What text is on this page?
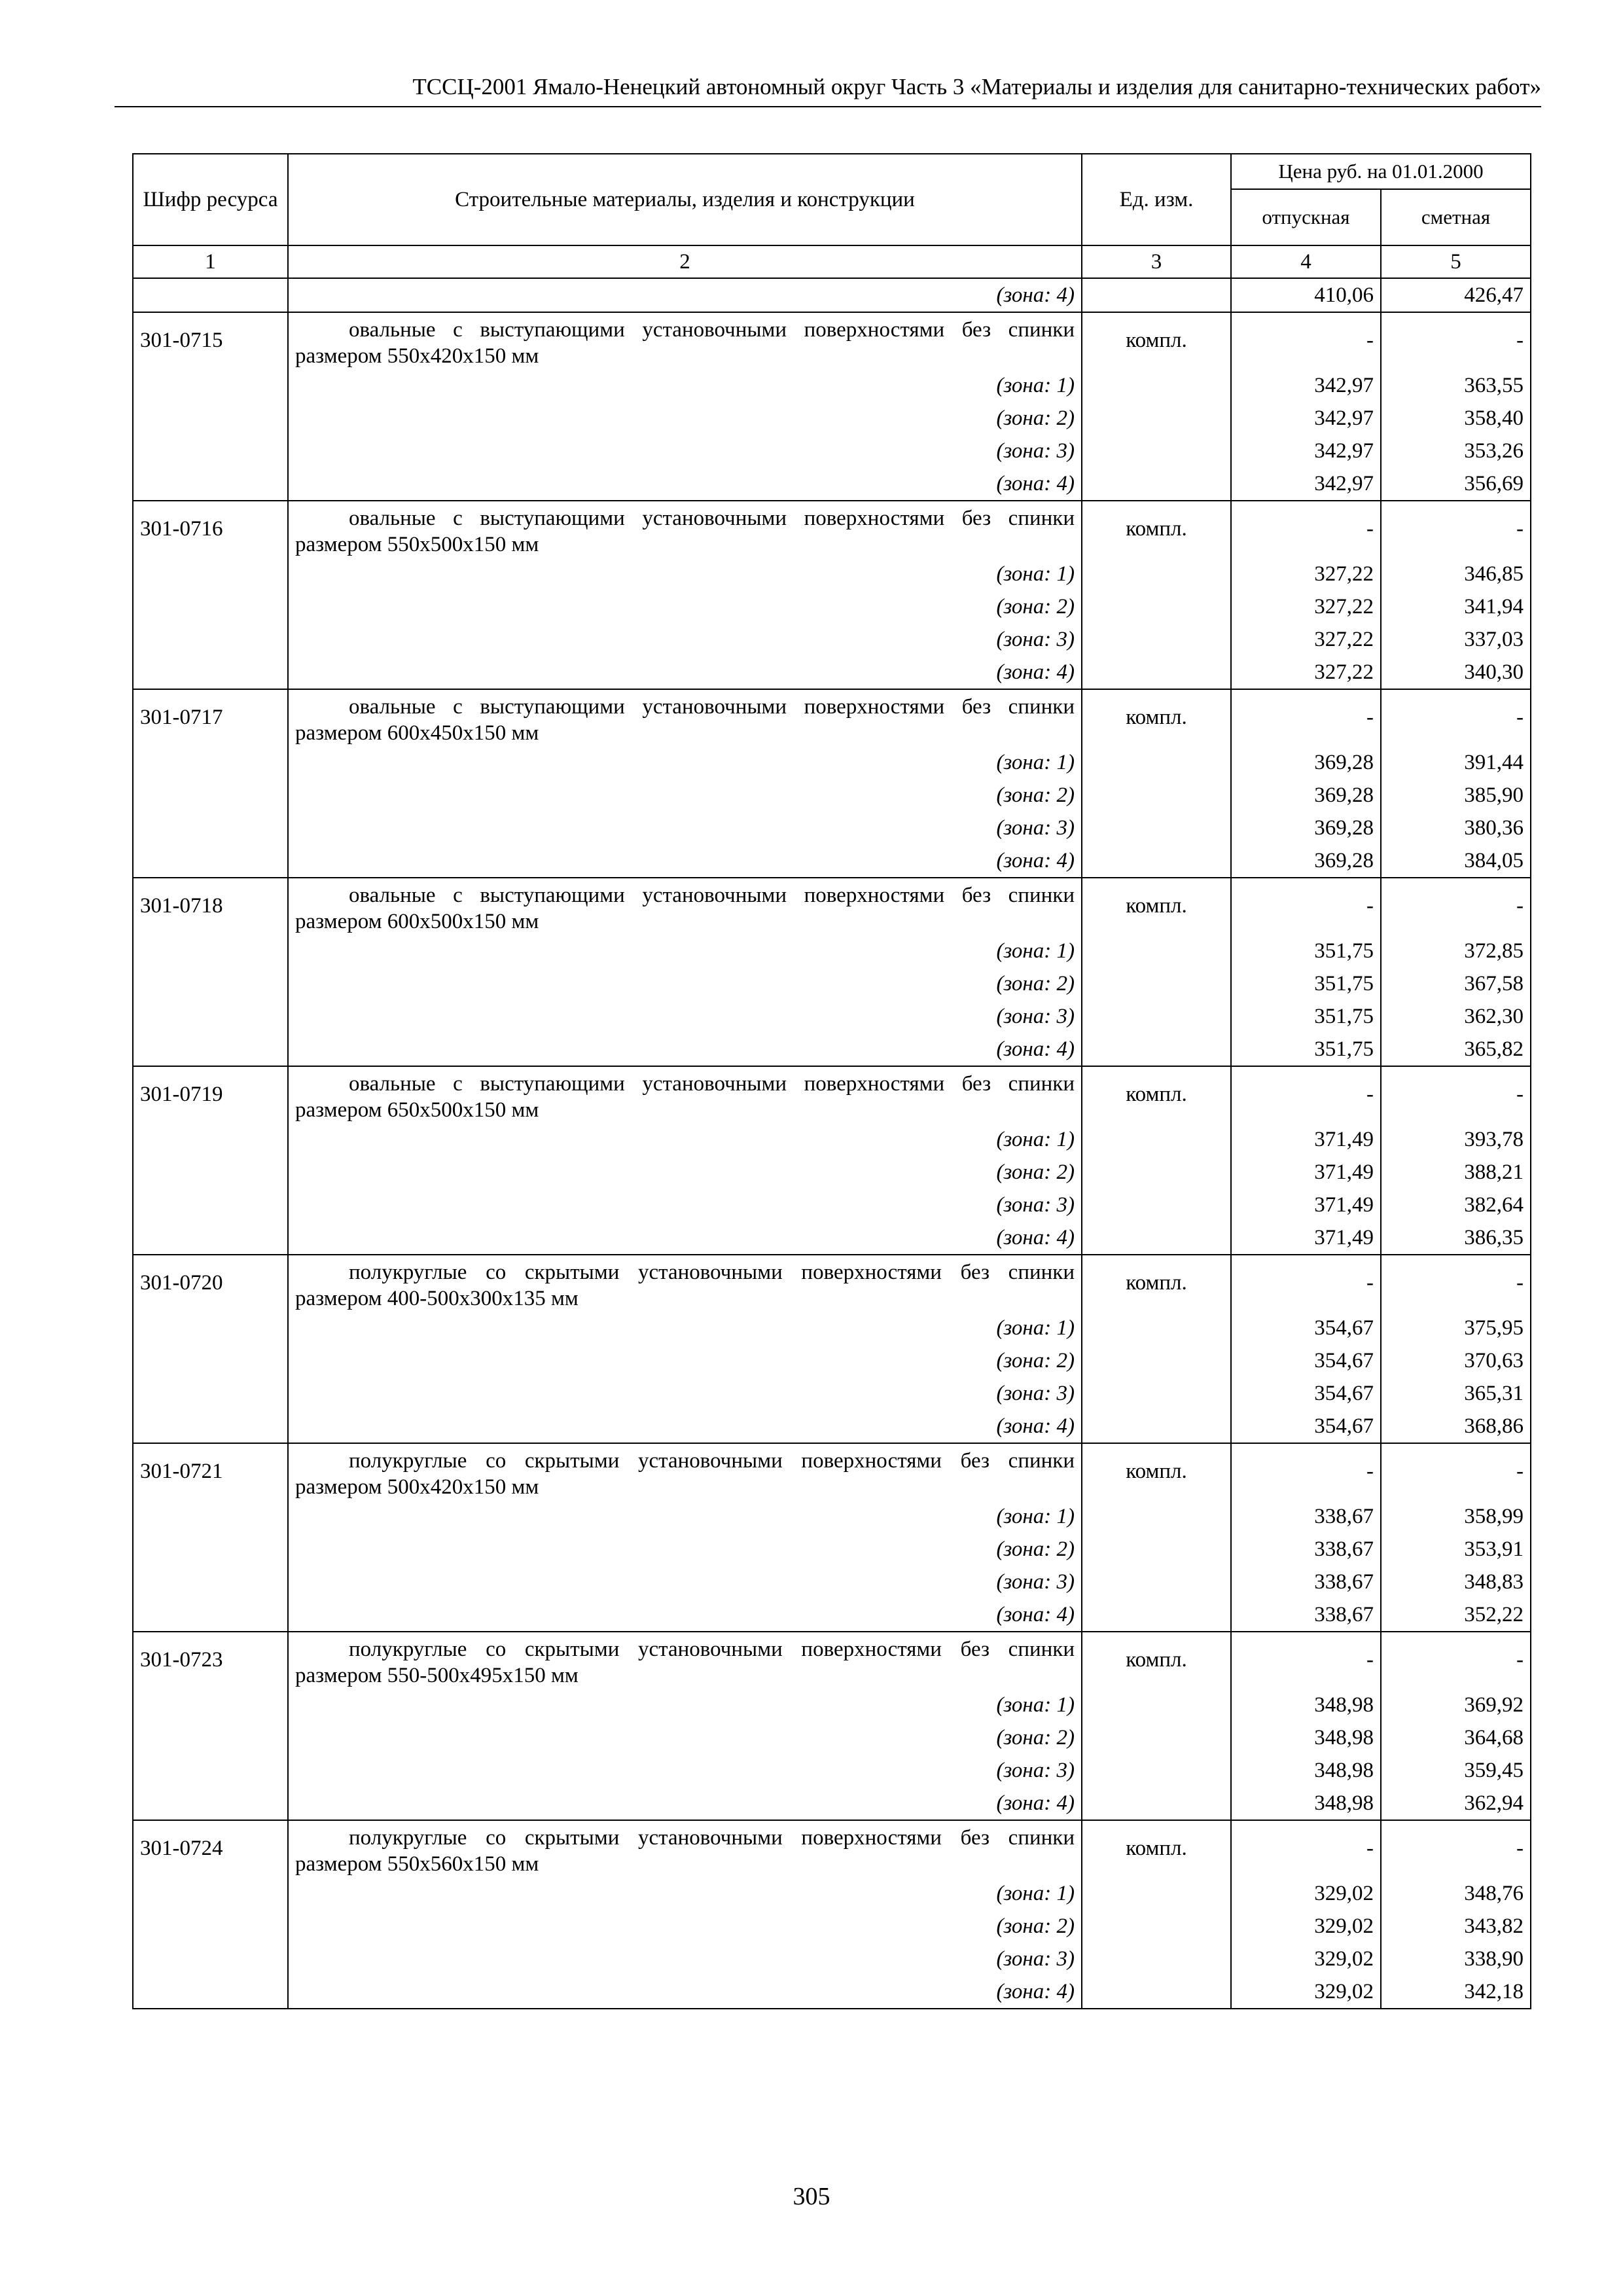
ТССЦ-2001 Ямало-Ненецкий автономный округ Часть 3 «Материалы и изделия для санитарно-технических работ»
Шифр ресурса	Строительные материалы, изделия и конструкции	Ед. изм.	Цена руб. на 01.01.2000	
			отпускная	сметная
1	2	3	4	5
	(зона: 4)		410,06	426,47
301-0715	овальные с выступающими установочными поверхностями без спинки размером 550х420х150 мм	компл.	-	-
	(зона: 1)		342,97	363,55
	(зона: 2)		342,97	358,40
	(зона: 3)		342,97	353,26
	(зона: 4)		342,97	356,69
301-0716	овальные с выступающими установочными поверхностями без спинки размером 550х500х150 мм	компл.	-	-
	(зона: 1)		327,22	346,85
	(зона: 2)		327,22	341,94
	(зона: 3)		327,22	337,03
	(зона: 4)		327,22	340,30
301-0717	овальные с выступающими установочными поверхностями без спинки размером 600х450х150 мм	компл.	-	-
	(зона: 1)		369,28	391,44
	(зона: 2)		369,28	385,90
	(зона: 3)		369,28	380,36
	(зона: 4)		369,28	384,05
301-0718	овальные с выступающими установочными поверхностями без спинки размером 600х500х150 мм	компл.	-	-
	(зона: 1)		351,75	372,85
	(зона: 2)		351,75	367,58
	(зона: 3)		351,75	362,30
	(зона: 4)		351,75	365,82
301-0719	овальные с выступающими установочными поверхностями без спинки размером 650х500х150 мм	компл.	-	-
	(зона: 1)		371,49	393,78
	(зона: 2)		371,49	388,21
	(зона: 3)		371,49	382,64
	(зона: 4)		371,49	386,35
301-0720	полукруглые со скрытыми установочными поверхностями без спинки размером 400-500х300х135 мм	компл.	-	-
	(зона: 1)		354,67	375,95
	(зона: 2)		354,67	370,63
	(зона: 3)		354,67	365,31
	(зона: 4)		354,67	368,86
301-0721	полукруглые со скрытыми установочными поверхностями без спинки размером 500х420х150 мм	компл.	-	-
	(зона: 1)		338,67	358,99
	(зона: 2)		338,67	353,91
	(зона: 3)		338,67	348,83
	(зона: 4)		338,67	352,22
301-0723	полукруглые со скрытыми установочными поверхностями без спинки размером 550-500х495х150 мм	компл.	-	-
	(зона: 1)		348,98	369,92
	(зона: 2)		348,98	364,68
	(зона: 3)		348,98	359,45
	(зона: 4)		348,98	362,94
301-0724	полукруглые со скрытыми установочными поверхностями без спинки размером 550х560х150 мм	компл.	-	-
	(зона: 1)		329,02	348,76
	(зона: 2)		329,02	343,82
	(зона: 3)		329,02	338,90
	(зона: 4)		329,02	342,18
305
